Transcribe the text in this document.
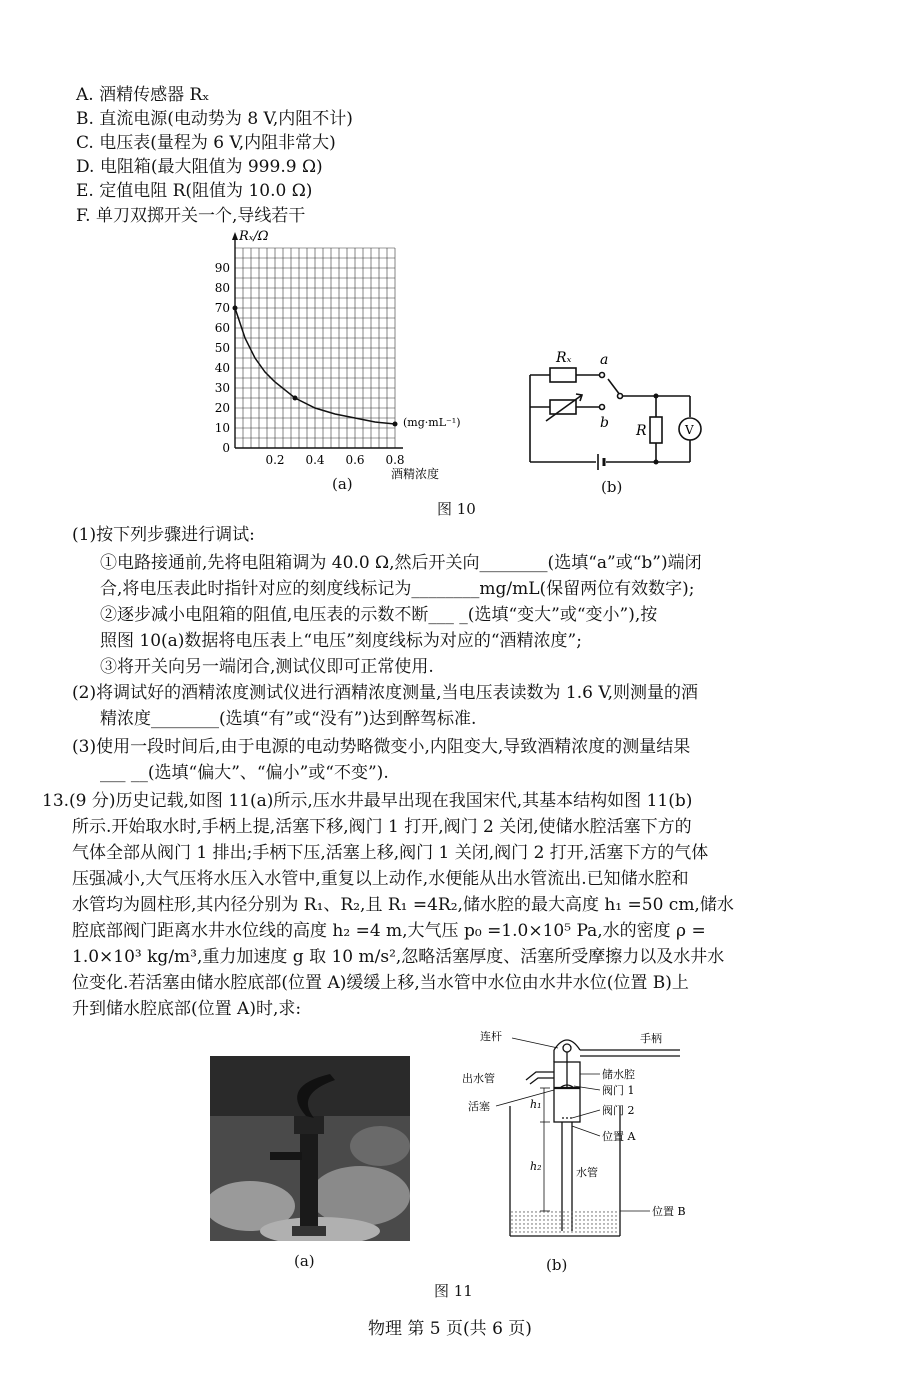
A. 酒精传感器 Rₓ
B. 直流电源(电动势为 8 V,内阻不计)
C. 电压表(量程为 6 V,内阻非常大)
D. 电阻箱(最大阻值为 999.9 Ω)
E. 定值电阻 R(阻值为 10.0 Ω)
F. 单刀双掷开关一个,导线若干
0
10
20
30
40
50
60
70
80
90
0.2 0.4 0.6 0.8
Rₓ/Ω
(mg·mL⁻¹)
酒精浓度
(a)
Rₓ a
b R	V
(b)
图 10
(1)按下列步骤进行调试:
①电路接通前,先将电阻箱调为 40.0 Ω,然后开关向________(选填“a”或“b”)端闭
合,将电压表此时指针对应的刻度线标记为________mg/mL(保留两位有效数字);
②逐步减小电阻箱的阻值,电压表的示数不断___ _(选填“变大”或“变小”),按
照图 10(a)数据将电压表上“电压”刻度线标为对应的“酒精浓度”;
③将开关向另一端闭合,测试仪即可正常使用.
(2)将调试好的酒精浓度测试仪进行酒精浓度测量,当电压表读数为 1.6 V,则测量的酒
精浓度________(选填“有”或“没有”)达到醉驾标准.
(3)使用一段时间后,由于电源的电动势略微变小,内阻变大,导致酒精浓度的测量结果
___ __(选填“偏大”、“偏小”或“不变”).
13.(9 分)历史记载,如图 11(a)所示,压水井最早出现在我国宋代,其基本结构如图 11(b)
所示.开始取水时,手柄上提,活塞下移,阀门 1 打开,阀门 2 关闭,使储水腔活塞下方的
气体全部从阀门 1 排出;手柄下压,活塞上移,阀门 1 关闭,阀门 2 打开,活塞下方的气体
压强减小,大气压将水压入水管中,重复以上动作,水便能从出水管流出.已知储水腔和
水管均为圆柱形,其内径分别为 R₁、R₂,且 R₁ =4R₂,储水腔的最大高度 h₁ =50 cm,储水
腔底部阀门距离水井水位线的高度 h₂ =4 m,大气压 p₀ =1.0×10⁵ Pa,水的密度 ρ =
1.0×10³ kg/m³,重力加速度 g 取 10 m/s²,忽略活塞厚度、活塞所受摩擦力以及水井水
位变化.若活塞由储水腔底部(位置 A)缓缓上移,当水管中水位由水井水位(位置 B)上
升到储水腔底部(位置 A)时,求:
(a)
连杆	手柄
出水管	储水腔
h₁
阀门 1
活塞	阀门 2
位置 A
h₂	水管
位置 B
(b)
图 11
物理 第 5 页(共 6 页)
